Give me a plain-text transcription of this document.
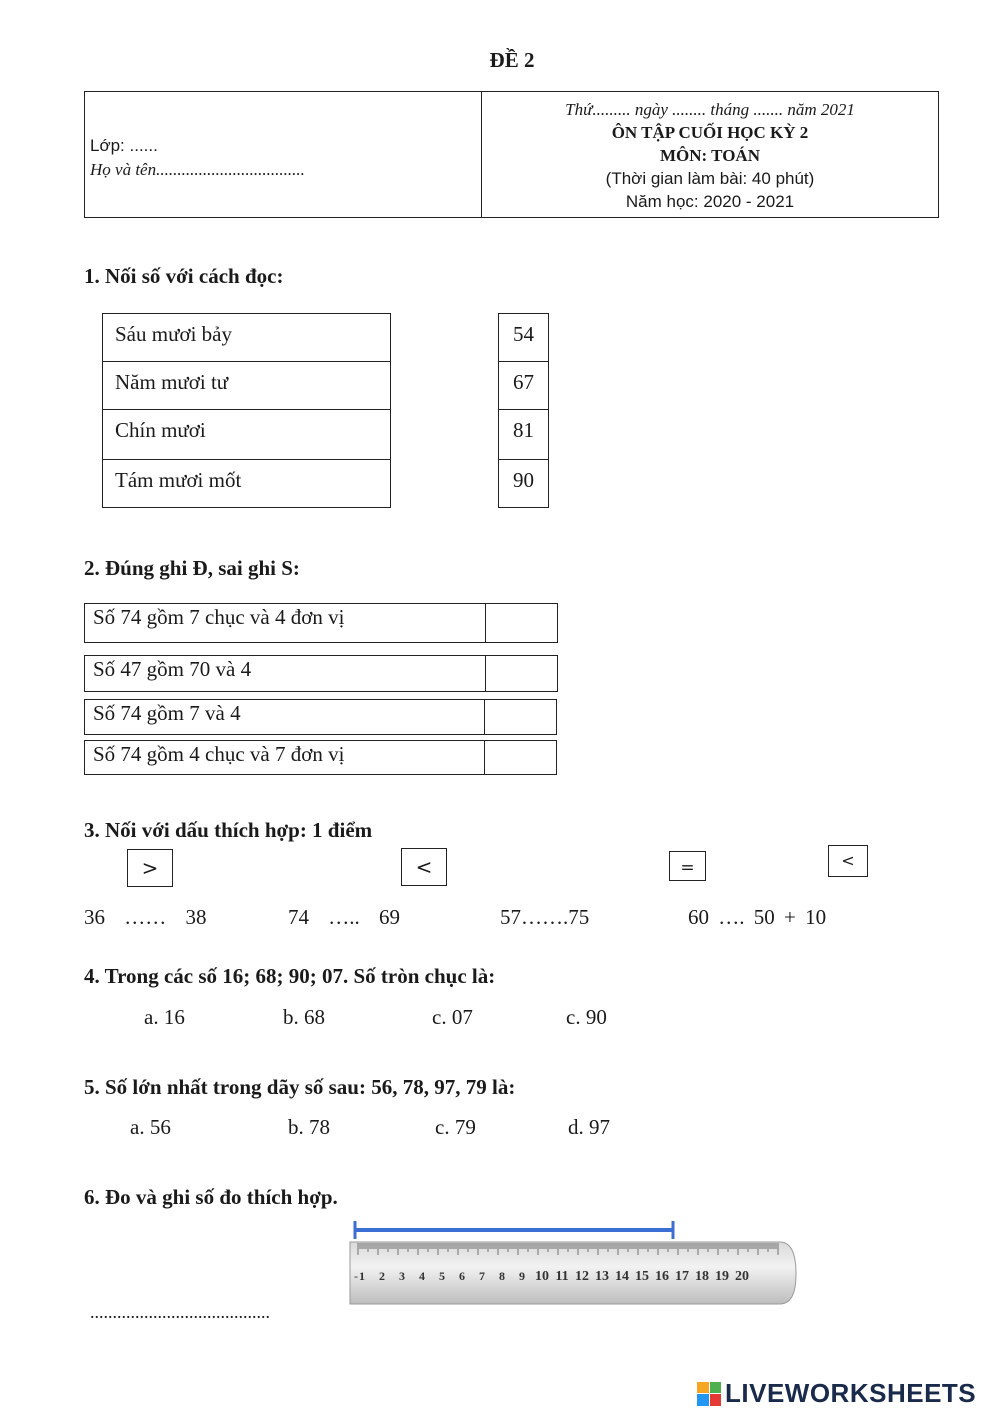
ĐỀ 2
Lớp: ......
Họ và tên...................................
Thứ......... ngày ........ tháng ....... năm 2021
ÔN TẬP CUỐI HỌC KỲ 2
MÔN: TOÁN
(Thời gian làm bài: 40 phút)
Năm học: 2020 - 2021
1. Nối số với cách đọc:
Sáu mươi bảy
Năm mươi tư
Chín mươi
Tám mươi mốt
54
67
81
90
2. Đúng ghi Đ, sai ghi S:
Số 74 gồm 7 chục và 4 đơn vị
Số 47 gồm 70 và 4
Số 74 gồm 7 và 4
Số 74 gồm 4 chục và 7 đơn vị
3. Nối với dấu thích hợp: 1 điểm
>	<	=	<
36 …… 38	74 ….. 69	57…….75	60 …. 50 + 10
4. Trong các số 16; 68; 90; 07. Số tròn chục là:
a. 16	b. 68	c. 07	c. 90
5. Số lớn nhất trong dãy số sau: 56, 78, 97, 79 là:
a. 56	b. 78	c. 79	d. 97
6. Đo và ghi số đo thích hợp.
1 2 3 4 5 6 7 8 9 10 11 12 13 14 15 16 17 18 19 20
-
........................................
LIVEWORKSHEETS
